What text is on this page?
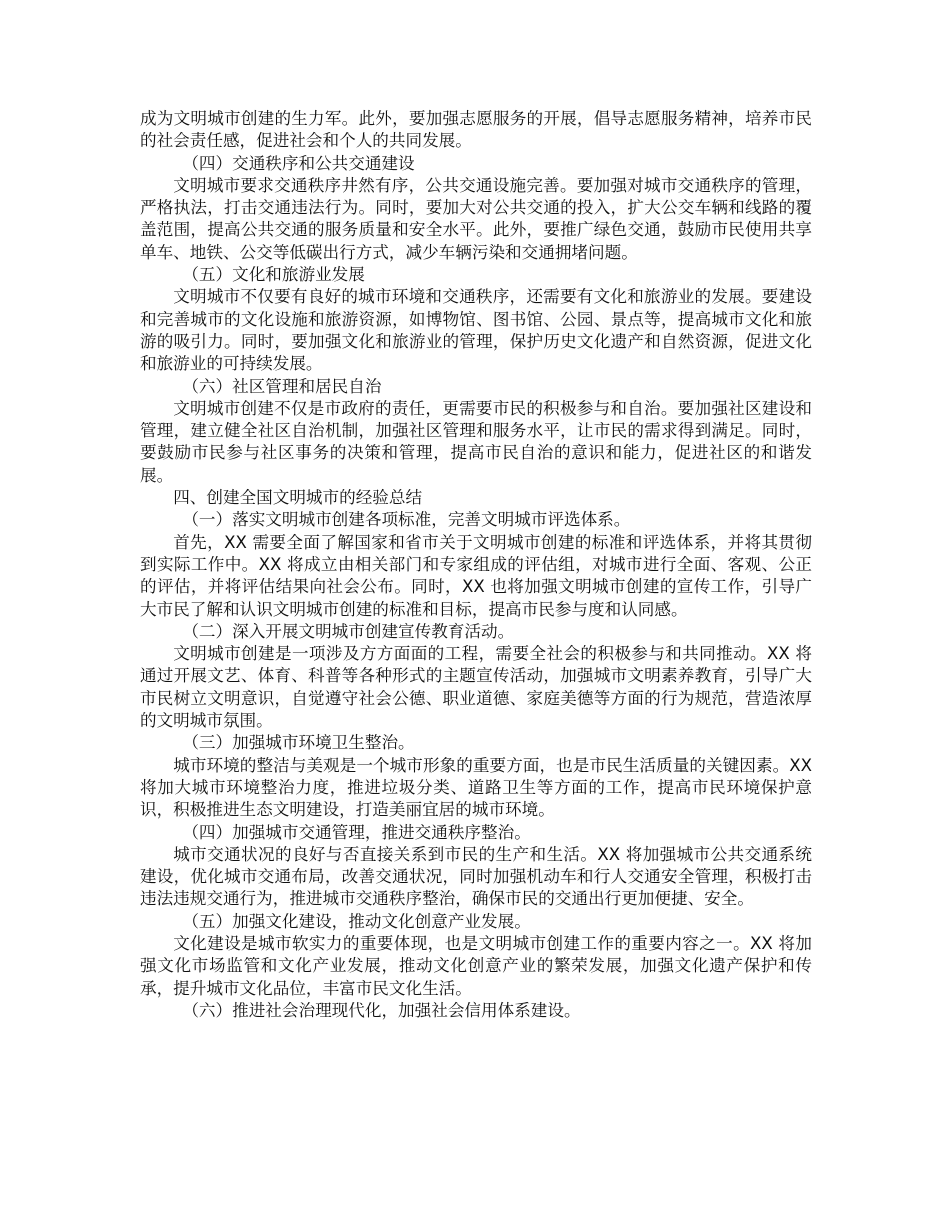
成为文明城市创建的生力军。此外，要加强志愿服务的开展，倡导志愿服务精神，培养市民的社会责任感，促进社会和个人的共同发展。

（四）交通秩序和公共交通建设

文明城市要求交通秩序井然有序，公共交通设施完善。要加强对城市交通秩序的管理，严格执法，打击交通违法行为。同时，要加大对公共交通的投入，扩大公交车辆和线路的覆盖范围，提高公共交通的服务质量和安全水平。此外，要推广绿色交通，鼓励市民使用共享单车、地铁、公交等低碳出行方式，减少车辆污染和交通拥堵问题。

（五）文化和旅游业发展

文明城市不仅要有良好的城市环境和交通秩序，还需要有文化和旅游业的发展。要建设和完善城市的文化设施和旅游资源，如博物馆、图书馆、公园、景点等，提高城市文化和旅游的吸引力。同时，要加强文化和旅游业的管理，保护历史文化遗产和自然资源，促进文化和旅游业的可持续发展。

（六）社区管理和居民自治

文明城市创建不仅是市政府的责任，更需要市民的积极参与和自治。要加强社区建设和管理，建立健全社区自治机制，加强社区管理和服务水平，让市民的需求得到满足。同时，要鼓励市民参与社区事务的决策和管理，提高市民自治的意识和能力，促进社区的和谐发展。

四、创建全国文明城市的经验总结

（一）落实文明城市创建各项标准，完善文明城市评选体系。

首先，XX 需要全面了解国家和省市关于文明城市创建的标准和评选体系，并将其贯彻到实际工作中。XX 将成立由相关部门和专家组成的评估组，对城市进行全面、客观、公正的评估，并将评估结果向社会公布。同时，XX 也将加强文明城市创建的宣传工作，引导广大市民了解和认识文明城市创建的标准和目标，提高市民参与度和认同感。

（二）深入开展文明城市创建宣传教育活动。

文明城市创建是一项涉及方方面面的工程，需要全社会的积极参与和共同推动。XX 将通过开展文艺、体育、科普等各种形式的主题宣传活动，加强城市文明素养教育，引导广大市民树立文明意识，自觉遵守社会公德、职业道德、家庭美德等方面的行为规范，营造浓厚的文明城市氛围。

（三）加强城市环境卫生整治。

城市环境的整洁与美观是一个城市形象的重要方面，也是市民生活质量的关键因素。XX 将加大城市环境整治力度，推进垃圾分类、道路卫生等方面的工作，提高市民环境保护意识，积极推进生态文明建设，打造美丽宜居的城市环境。

（四）加强城市交通管理，推进交通秩序整治。

城市交通状况的良好与否直接关系到市民的生产和生活。XX 将加强城市公共交通系统建设，优化城市交通布局，改善交通状况，同时加强机动车和行人交通安全管理，积极打击违法违规交通行为，推进城市交通秩序整治，确保市民的交通出行更加便捷、安全。

（五）加强文化建设，推动文化创意产业发展。

文化建设是城市软实力的重要体现，也是文明城市创建工作的重要内容之一。XX 将加强文化市场监管和文化产业发展，推动文化创意产业的繁荣发展，加强文化遗产保护和传承，提升城市文化品位，丰富市民文化生活。

（六）推进社会治理现代化，加强社会信用体系建设。
